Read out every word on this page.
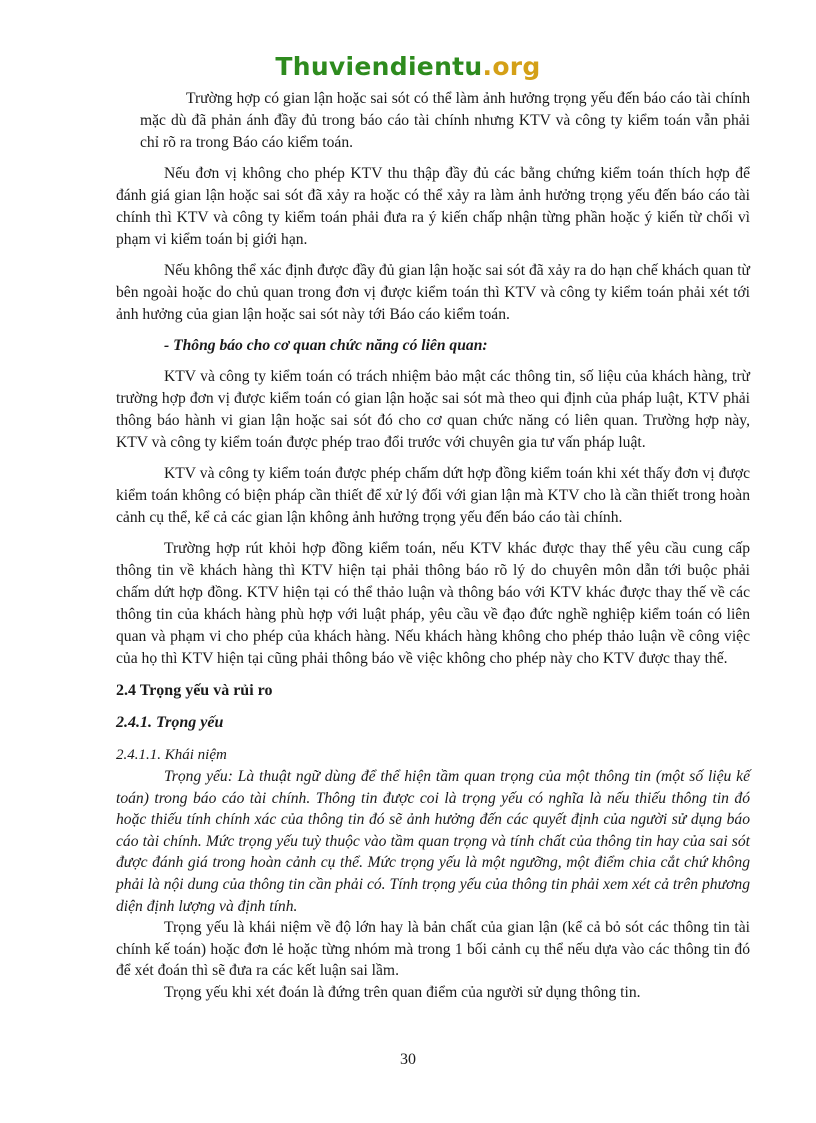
Thuviendientu.org

Trường hợp có gian lận hoặc sai sót có thể làm ảnh hưởng trọng yếu đến báo cáo tài chính mặc dù đã phản ánh đầy đủ trong báo cáo tài chính nhưng KTV và công ty kiểm toán vẫn phải chỉ rõ ra trong Báo cáo kiểm toán.

Nếu đơn vị không cho phép KTV thu thập đầy đủ các bằng chứng kiểm toán thích hợp để đánh giá gian lận hoặc sai sót đã xảy ra hoặc có thể xảy ra làm ảnh hưởng trọng yếu đến báo cáo tài chính thì KTV và công ty kiểm toán phải đưa ra ý kiến chấp nhận từng phần hoặc ý kiến từ chối vì phạm vi kiểm toán bị giới hạn.

Nếu không thể xác định được đầy đủ gian lận hoặc sai sót đã xảy ra do hạn chế khách quan từ bên ngoài hoặc do chủ quan trong đơn vị được kiểm toán thì KTV và công ty kiểm toán phải xét tới ảnh hưởng của gian lận hoặc sai sót này tới Báo cáo kiểm toán.

- Thông báo cho cơ quan chức năng có liên quan:

KTV và công ty kiểm toán có trách nhiệm bảo mật các thông tin, số liệu của khách hàng, trừ trường hợp đơn vị được kiểm toán có gian lận hoặc sai sót mà theo qui định của pháp luật, KTV phải thông báo hành vi gian lận hoặc sai sót đó cho cơ quan chức năng có liên quan. Trường hợp này, KTV và công ty kiểm toán được phép trao đổi trước với chuyên gia tư vấn pháp luật.

KTV và công ty kiểm toán được phép chấm dứt hợp đồng kiểm toán khi xét thấy đơn vị được kiểm toán không có biện pháp cần thiết để xử lý đối với gian lận mà KTV cho là cần thiết trong hoàn cảnh cụ thể, kể cả các gian lận không ảnh hưởng trọng yếu đến báo cáo tài chính.

Trường hợp rút khỏi hợp đồng kiểm toán, nếu KTV khác được thay thế yêu cầu cung cấp thông tin về khách hàng thì KTV hiện tại phải thông báo rõ lý do chuyên môn dẫn tới buộc phải chấm dứt hợp đồng. KTV hiện tại có thể thảo luận và thông báo với KTV khác được thay thế về các thông tin của khách hàng phù hợp với luật pháp, yêu cầu về đạo đức nghề nghiệp kiểm toán có liên quan và phạm vi cho phép của khách hàng. Nếu khách hàng không cho phép thảo luận về công việc của họ thì KTV hiện tại cũng phải thông báo về việc không cho phép này cho KTV được thay thế.

2.4 Trọng yếu và rủi ro

2.4.1. Trọng yếu

2.4.1.1. Khái niệm

Trọng yếu: Là thuật ngữ dùng để thể hiện tầm quan trọng của một thông tin (một số liệu kế toán) trong báo cáo tài chính. Thông tin được coi là trọng yếu có nghĩa là nếu thiếu thông tin đó hoặc thiếu tính chính xác của thông tin đó sẽ ảnh hưởng đến các quyết định của người sử dụng báo cáo tài chính. Mức trọng yếu tuỳ thuộc vào tầm quan trọng và tính chất của thông tin hay của sai sót được đánh giá trong hoàn cảnh cụ thể. Mức trọng yếu là một ngưỡng, một điểm chia cắt chứ không phải là nội dung của thông tin cần phải có. Tính trọng yếu của thông tin phải xem xét cả trên phương diện định lượng và định tính.

Trọng yếu là khái niệm về độ lớn hay là bản chất của gian lận (kể cả bỏ sót các thông tin tài chính kế toán) hoặc đơn lẻ hoặc từng nhóm mà trong 1 bối cảnh cụ thể nếu dựa vào các thông tin đó để xét đoán thì sẽ đưa ra các kết luận sai lầm.

Trọng yếu khi xét đoán là đứng trên quan điểm của người sử dụng thông tin.

30
